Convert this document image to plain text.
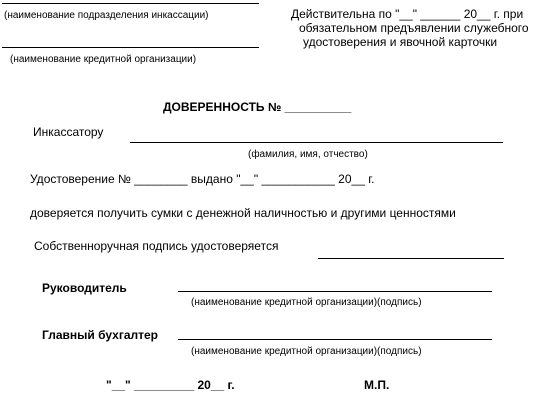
(наименование подразделения инкассации)
(наименование кредитной организации)
Действительна по "__" ______ 20__ г. при
обязательном предъявлении служебного
удостоверения и явочной карточки
ДОВЕРЕННОСТЬ № __________
Инкассатору
(фамилия, имя, отчество)
Удостоверение № ________ выдано "__" ___________ 20__ г.
доверяется получить сумки с денежной наличностью и другими ценностями
Собственноручная подпись удостоверяется
Руководитель
(наименование кредитной организации)(подпись)
Главный бухгалтер
(наименование кредитной организации)(подпись)
"__" _________ 20__ г.	М.П.
